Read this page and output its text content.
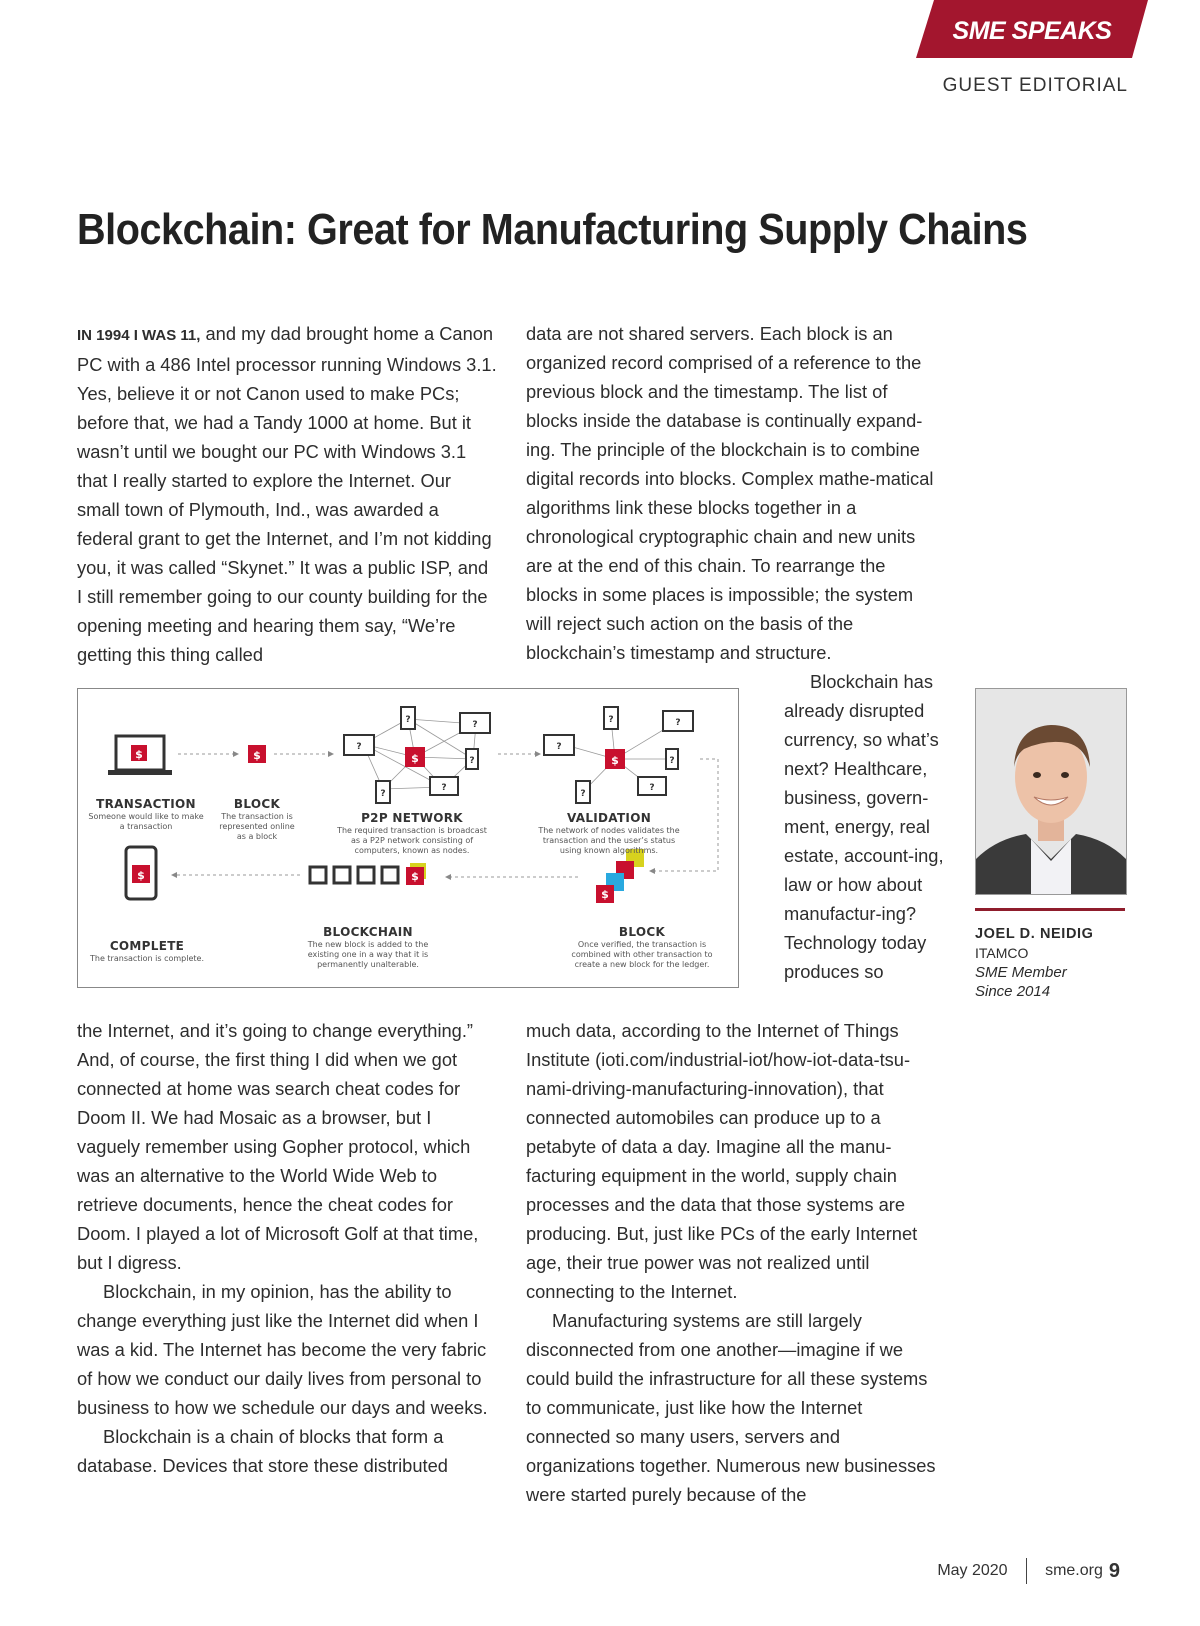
SME SPEAKS
GUEST EDITORIAL
Blockchain: Great for Manufacturing Supply Chains

IN 1994 I WAS 11, and my dad brought home a Canon PC with a 486 Intel processor running Windows 3.1. Yes, believe it or not Canon used to make PCs; before that, we had a Tandy 1000 at home. But it wasn’t until we bought our PC with Windows 3.1 that I really started to explore the Internet. Our small town of Plymouth, Ind., was awarded a federal grant to get the Internet, and I’m not kidding you, it was called “Skynet.” It was a public ISP, and I still remember going to our county building for the opening meeting and hearing them say, “We’re getting this thing called

data are not shared servers. Each block is an organized record comprised of a reference to the previous block and the timestamp. The list of blocks inside the database is continually expand-ing. The principle of the blockchain is to combine digital records into blocks. Complex mathe-matical algorithms link these blocks together in a chronological cryptographic chain and new units are at the end of this chain. To rearrange the blocks in some places is impossible; the system will reject such action on the basis of the blockchain’s timestamp and structure.

Blockchain has already disrupted currency, so what’s next? Healthcare, business, govern-ment, energy, real estate, account-ing, law or how about manufactur-ing? Technology today produces so

$	$	$	$
$
$
$
?	?
?
?
?
?
?	?
?
?
?
?
TRANSACTION
Someone would like to make a transaction
BLOCK
The transaction is represented online as a block
P2P NETWORK
The required transaction is broadcast as a P2P network consisting of computers, known as nodes.
VALIDATION
The network of nodes validates the transaction and the user’s status using known algorithms.
BLOCK
Once verified, the transaction is combined with other transaction to create a new block for the ledger.
BLOCKCHAIN
The new block is added to the existing one in a way that it is permanently unalterable.
COMPLETE
The transaction is complete.
JOEL D. NEIDIG
ITAMCO
SME Member
Since 2014

the Internet, and it’s going to change everything.” And, of course, the first thing I did when we got connected at home was search cheat codes for Doom II. We had Mosaic as a browser, but I vaguely remember using Gopher protocol, which was an alternative to the World Wide Web to retrieve documents, hence the cheat codes for Doom. I played a lot of Microsoft Golf at that time, but I digress.

Blockchain, in my opinion, has the ability to change everything just like the Internet did when I was a kid. The Internet has become the very fabric of how we conduct our daily lives from personal to business to how we schedule our days and weeks.

Blockchain is a chain of blocks that form a database. Devices that store these distributed

much data, according to the Internet of Things Institute (ioti.com/industrial-iot/how-iot-data-tsu-nami-driving-manufacturing-innovation), that connected automobiles can produce up to a petabyte of data a day. Imagine all the manu-facturing equipment in the world, supply chain processes and the data that those systems are producing. But, just like PCs of the early Internet age, their true power was not realized until connecting to the Internet.

Manufacturing systems are still largely disconnected from one another—imagine if we could build the infrastructure for all these systems to communicate, just like how the Internet connected so many users, servers and organizations together. Numerous new businesses were started purely because of the

May 2020 sme.org 9
